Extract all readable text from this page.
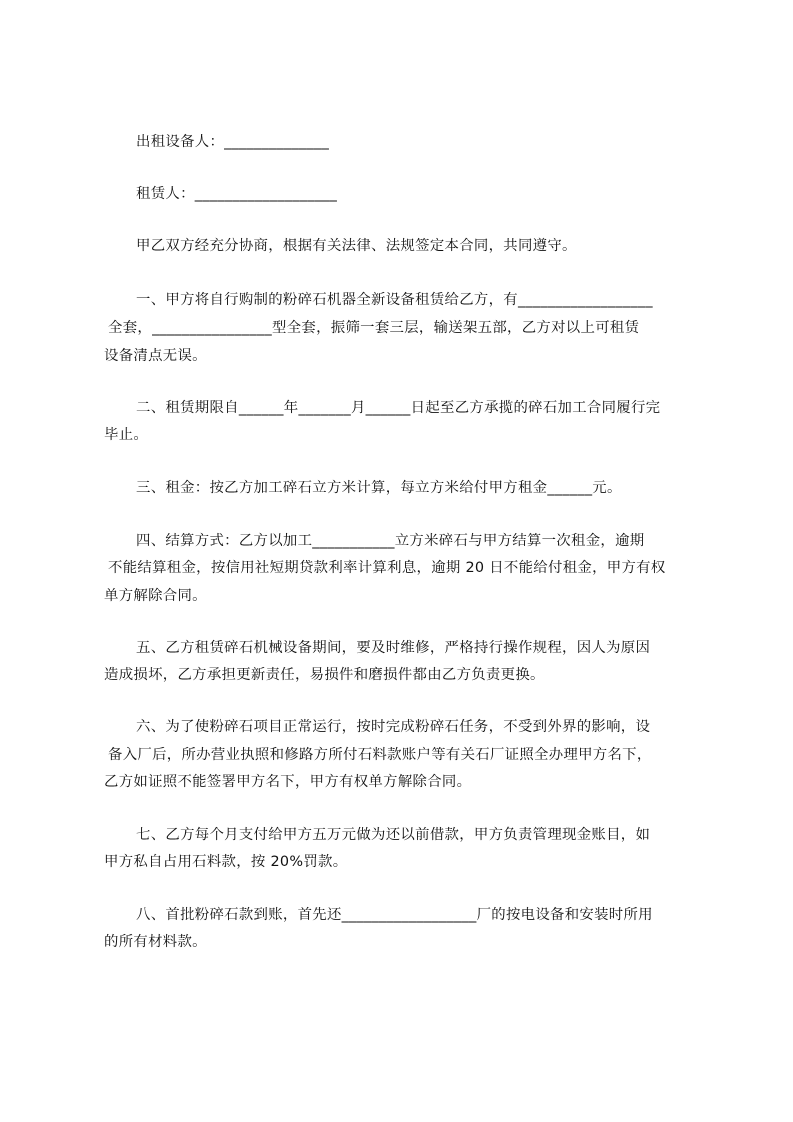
出租设备人：______________
租赁人：___________________
甲乙双方经充分协商，根据有关法律、法规签定本合同，共同遵守。
一、甲方将自行购制的粉碎石机器全新设备租赁给乙方，有__________________
全套，________________型全套，振筛一套三层，输送架五部，乙方对以上可租赁
设备清点无误。
二、租赁期限自______年_______月______日起至乙方承揽的碎石加工合同履行完
毕止。
三、租金：按乙方加工碎石立方米计算，每立方米给付甲方租金______元。
四、结算方式：乙方以加工___________立方米碎石与甲方结算一次租金，逾期
不能结算租金，按信用社短期贷款利率计算利息，逾期 20 日不能给付租金，甲方有权
单方解除合同。
五、乙方租赁碎石机械设备期间，要及时维修，严格持行操作规程，因人为原因
造成损坏，乙方承担更新责任，易损件和磨损件都由乙方负责更换。
六、为了使粉碎石项目正常运行，按时完成粉碎石任务，不受到外界的影响，设
备入厂后，所办营业执照和修路方所付石料款账户等有关石厂证照全办理甲方名下，
乙方如证照不能签署甲方名下，甲方有权单方解除合同。
七、乙方每个月支付给甲方五万元做为还以前借款，甲方负责管理现金账目，如
甲方私自占用石料款，按 20%罚款。
八、首批粉碎石款到账，首先还__________________厂的按电设备和安装时所用
的所有材料款。
